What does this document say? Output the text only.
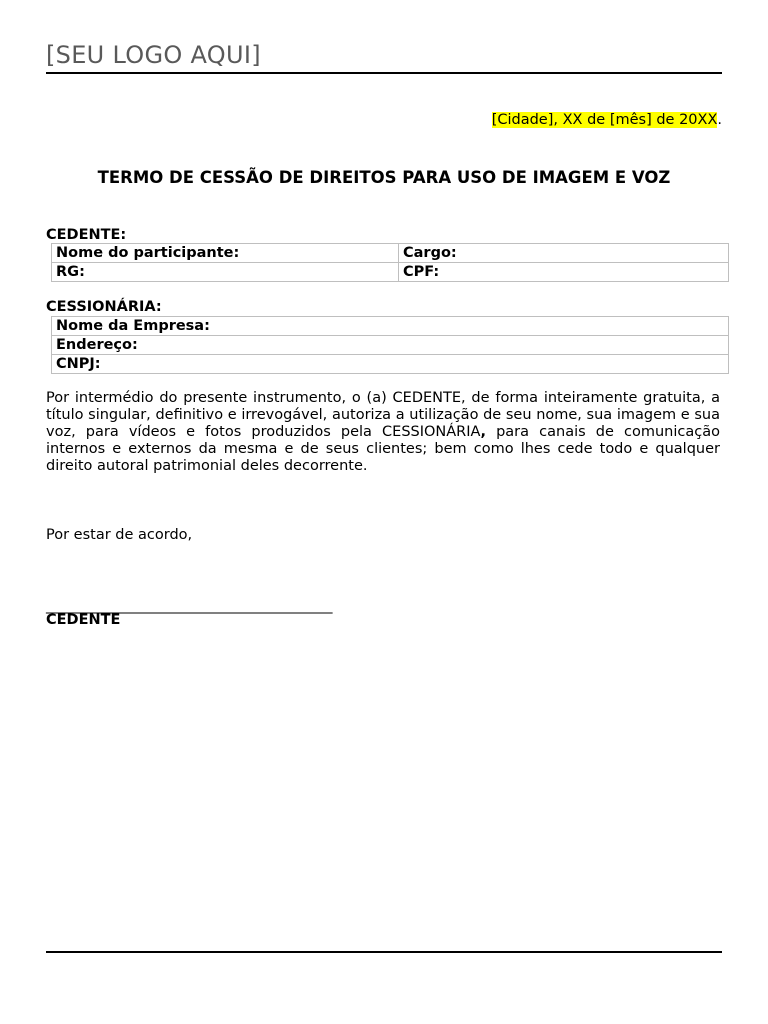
[SEU LOGO AQUI]
[Cidade], XX de [mês] de 20XX.
TERMO DE CESSÃO DE DIREITOS PARA USO DE IMAGEM E VOZ
CEDENTE:
Nome do participante:	Cargo:
RG:	CPF:
CESSIONÁRIA:
Nome da Empresa:
Endereço:
CNPJ:
Por intermédio do presente instrumento, o (a) CEDENTE, de forma inteiramente gratuita, a título singular, definitivo e irrevogável, autoriza a utilização de seu nome, sua imagem e sua voz, para vídeos e fotos produzidos pela CESSIONÁRIA, para canais de comunicação internos e externos da mesma e de seus clientes; bem como lhes cede todo e qualquer direito autoral patrimonial deles decorrente.
Por estar de acordo,
___________________________________________
CEDENTE
